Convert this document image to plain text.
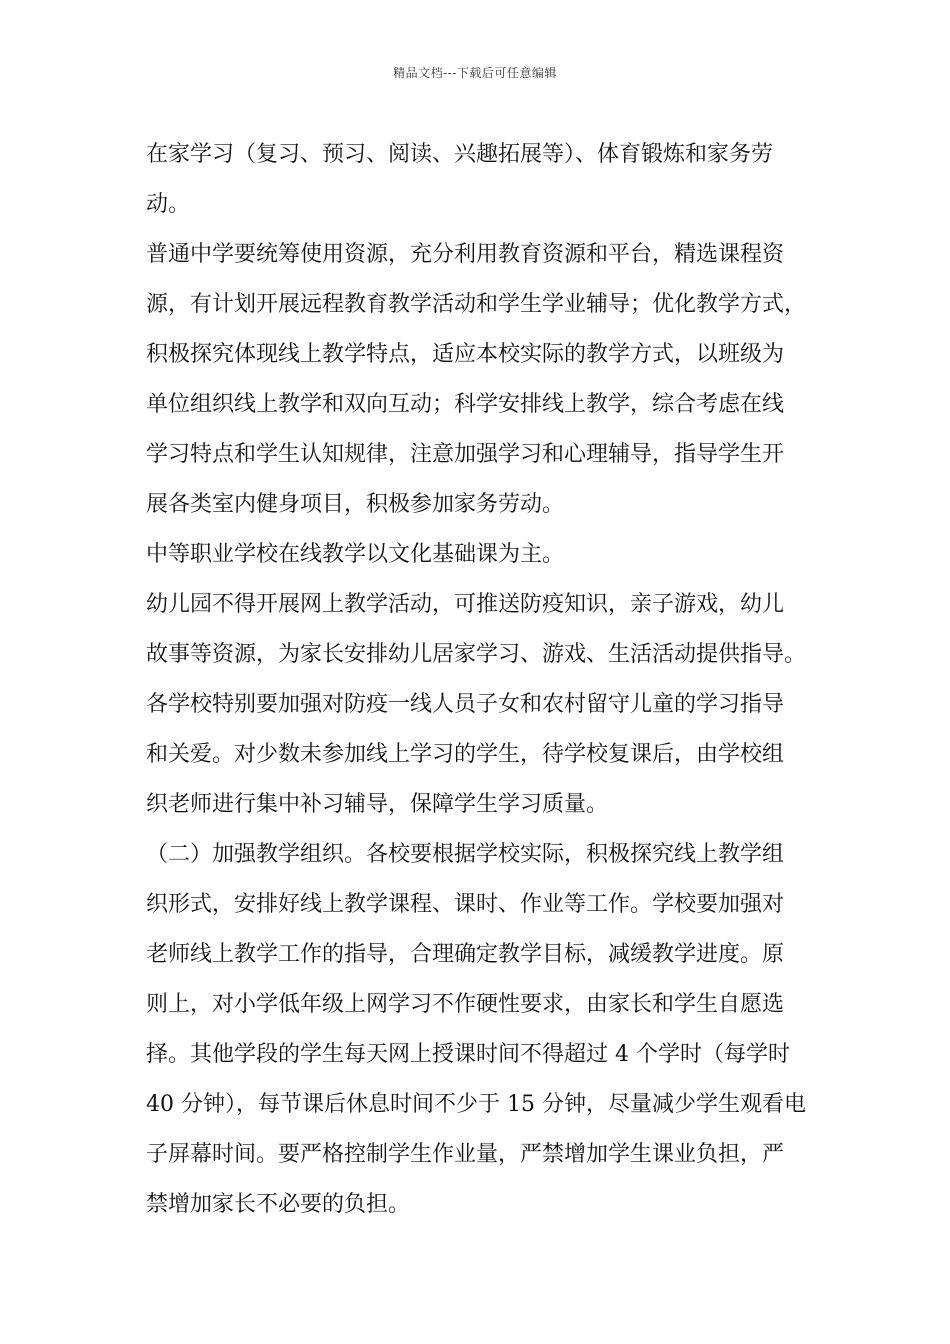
精品文档---下载后可任意编辑
在家学习（复习、预习、阅读、兴趣拓展等）、体育锻炼和家务劳
动。
普通中学要统筹使用资源，充分利用教育资源和平台，精选课程资
源，有计划开展远程教育教学活动和学生学业辅导；优化教学方式，
积极探究体现线上教学特点，适应本校实际的教学方式，以班级为
单位组织线上教学和双向互动；科学安排线上教学，综合考虑在线
学习特点和学生认知规律，注意加强学习和心理辅导，指导学生开
展各类室内健身项目，积极参加家务劳动。
中等职业学校在线教学以文化基础课为主。
幼儿园不得开展网上教学活动，可推送防疫知识，亲子游戏，幼儿
故事等资源，为家长安排幼儿居家学习、游戏、生活活动提供指导。
各学校特别要加强对防疫一线人员子女和农村留守儿童的学习指导
和关爱。对少数未参加线上学习的学生，待学校复课后，由学校组
织老师进行集中补习辅导，保障学生学习质量。
（二）加强教学组织。各校要根据学校实际，积极探究线上教学组
织形式，安排好线上教学课程、课时、作业等工作。学校要加强对
老师线上教学工作的指导，合理确定教学目标，减缓教学进度。原
则上，对小学低年级上网学习不作硬性要求，由家长和学生自愿选
择。其他学段的学生每天网上授课时间不得超过 4 个学时（每学时
40 分钟），每节课后休息时间不少于 15 分钟，尽量减少学生观看电
子屏幕时间。要严格控制学生作业量，严禁增加学生课业负担，严
禁增加家长不必要的负担。
